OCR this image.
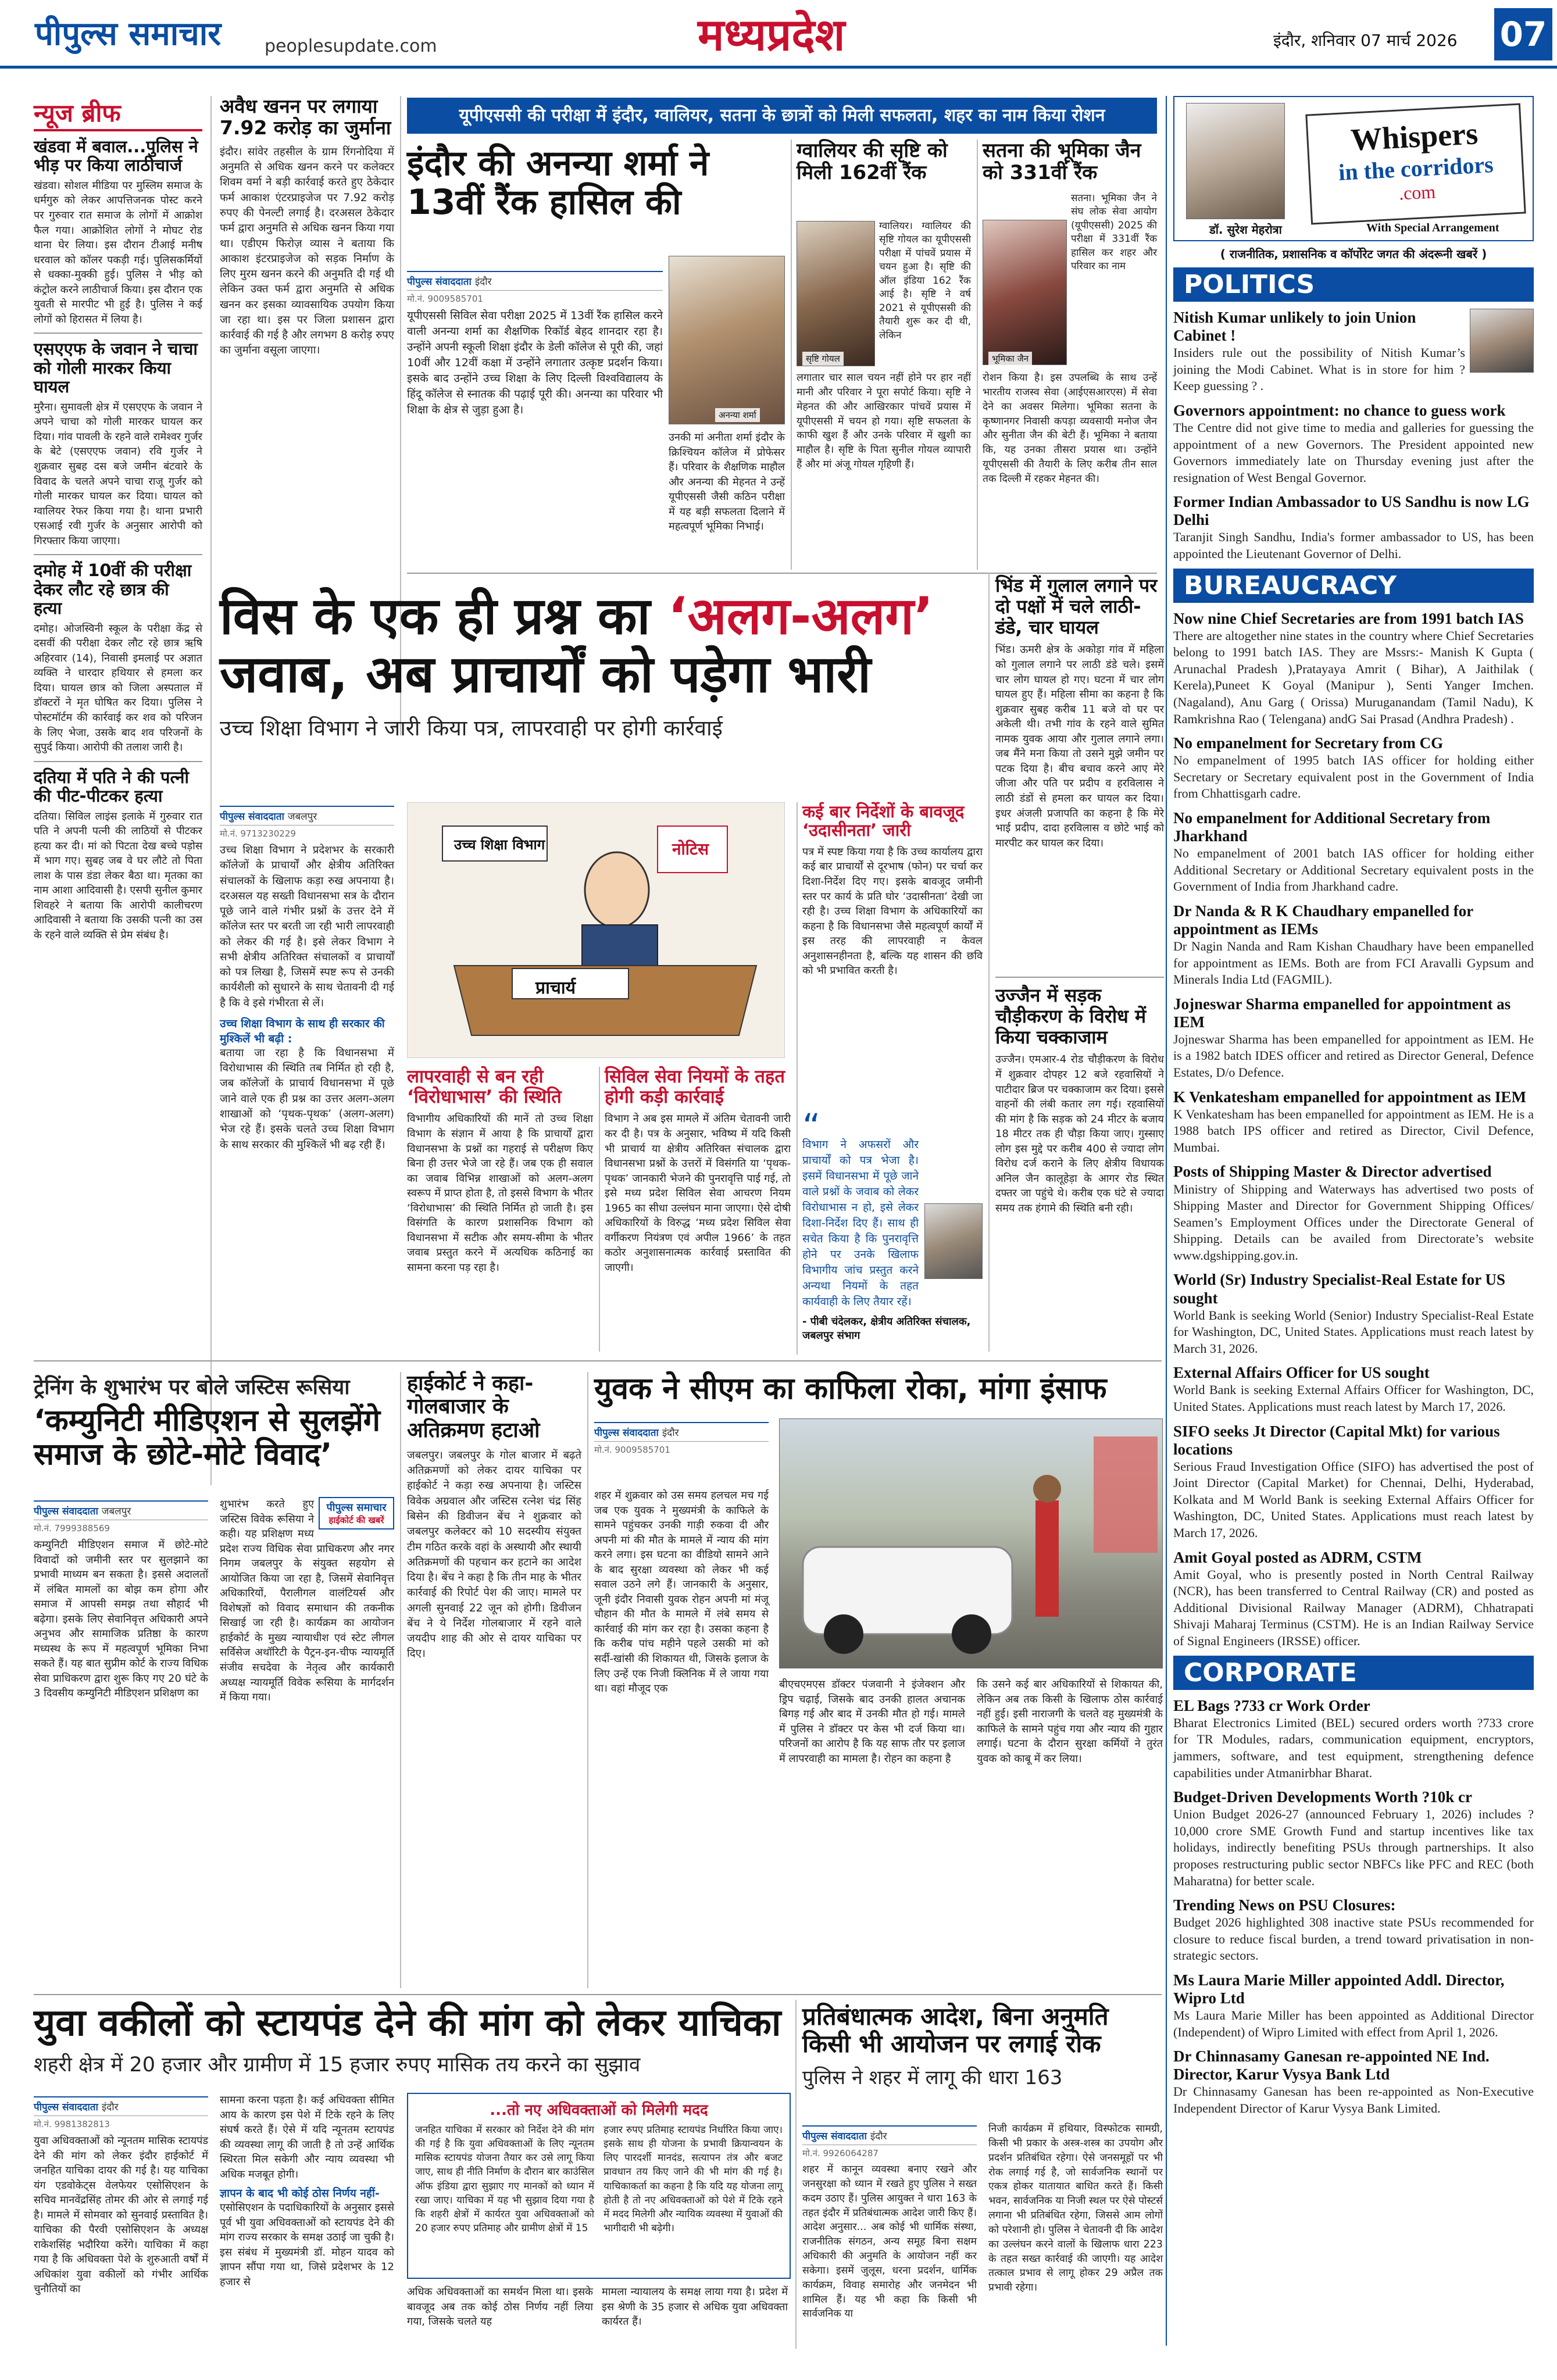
पीपुल्स समाचार peoplesupdate.com	मध्यप्रदेश	इंदौर, शनिवार 07 मार्च 2026 07
न्यूज ब्रीफ
खंडवा में बवाल...पुलिस ने भीड़ पर किया लाठीचार्ज
खंडवा। सोशल मीडिया पर मुस्लिम समाज के धर्मगुरु को लेकर आपत्तिजनक पोस्ट करने पर गुरुवार रात समाज के लोगों में आक्रोश फैल गया। आक्रोशित लोगों ने मोघट रोड थाना घेर लिया। इस दौरान टीआई मनीष धरवाल को कॉलर पकड़ी गई। पुलिसकर्मियों से धक्का-मुक्की हुई। पुलिस ने भीड़ को कंट्रोल करने लाठीचार्ज किया। इस दौरान एक युवती से मारपीट भी हुई है। पुलिस ने कई लोगों को हिरासत में लिया है।
एसएएफ के जवान ने चाचा को गोली मारकर किया घायल
मुरैना। सुमावली क्षेत्र में एसएएफ के जवान ने अपने चाचा को गोली मारकर घायल कर दिया। गांव पावली के रहने वाले रामेश्वर गुर्जर के बेटे (एसएएफ जवान) रवि गुर्जर ने शुक्रवार सुबह दस बजे जमीन बंटवारे के विवाद के चलते अपने चाचा राजू गुर्जर को गोली मारकर घायल कर दिया। घायल को ग्वालियर रेफर किया गया है। थाना प्रभारी एसआई रवी गुर्जर के अनुसार आरोपी को गिरफ्तार किया जाएगा।
दमोह में 10वीं की परीक्षा देकर लौट रहे छात्र की हत्या
दमोह। ओजस्विनी स्कूल के परीक्षा केंद्र से दसवीं की परीक्षा देकर लौट रहे छात्र ऋषि अहिरवार (14), निवासी इमलाई पर अज्ञात व्यक्ति ने धारदार हथियार से हमला कर दिया। घायल छात्र को जिला अस्पताल में डॉक्टरों ने मृत घोषित कर दिया। पुलिस ने पोस्टमॉर्टम की कार्रवाई कर शव को परिजन के लिए भेजा, उसके बाद शव परिजनों के सुपुर्द किया। आरोपी की तलाश जारी है।
दतिया में पति ने की पत्नी की पीट-पीटकर हत्या
दतिया। सिविल लाइंस इलाके में गुरुवार रात पति ने अपनी पत्नी की लाठियों से पीटकर हत्या कर दी। मां को पिटता देख बच्चे पड़ोस में भाग गए। सुबह जब वे घर लौटे तो पिता लाश के पास डंडा लेकर बैठा था। मृतका का नाम आशा आदिवासी है। एसपी सुनील कुमार शिवहरे ने बताया कि आरोपी कालीचरण आदिवासी ने बताया कि उसकी पत्नी का उस के रहने वाले व्यक्ति से प्रेम संबंध है।
अवैध खनन पर लगाया 7.92 करोड़ का जुर्माना
इंदौर। सांवेर तहसील के ग्राम रिंगनोदिया में अनुमति से अधिक खनन करने पर कलेक्टर शिवम वर्मा ने बड़ी कार्रवाई करते हुए ठेकेदार फर्म आकाश एंटरप्राइजेज पर 7.92 करोड़ रुपए की पेनल्टी लगाई है। दरअसल ठेकेदार फर्म द्वारा अनुमति से अधिक खनन किया गया था। एडीएम फिरोज़ व्यास ने बताया कि आकाश इंटरप्राइजेज को सड़क निर्माण के लिए मुरम खनन करने की अनुमति दी गई थी लेकिन उक्त फर्म द्वारा अनुमति से अधिक खनन कर इसका व्यावसायिक उपयोग किया जा रहा था। इस पर जिला प्रशासन द्वारा कार्रवाई की गई है और लगभग 8 करोड़ रुपए का जुर्माना वसूला जाएगा।
यूपीएससी की परीक्षा में इंदौर, ग्वालियर, सतना के छात्रों को मिली सफलता, शहर का नाम किया रोशन
इंदौर की अनन्या शर्मा ने 13वीं रैंक हासिल की
अनन्या शर्मा
पीपुल्स संवाददाता इंदौर
मो.नं. 9009585701
यूपीएससी सिविल सेवा परीक्षा 2025 में 13वीं रैंक हासिल करने वाली अनन्या शर्मा का शैक्षणिक रिकॉर्ड बेहद शानदार रहा है। उन्होंने अपनी स्कूली शिक्षा इंदौर के डेली कॉलेज से पूरी की, जहां 10वीं और 12वीं कक्षा में उन्होंने लगातार उत्कृष्ट प्रदर्शन किया। इसके बाद उन्होंने उच्च शिक्षा के लिए दिल्ली विश्वविद्यालय के हिंदू कॉलेज से स्नातक की पढ़ाई पूरी की। अनन्या का परिवार भी शिक्षा के क्षेत्र से जुड़ा हुआ है।
उनकी मां अनीता शर्मा इंदौर के क्रिश्चियन कॉलेज में प्रोफेसर हैं। परिवार के शैक्षणिक माहौल और अनन्या की मेहनत ने उन्हें यूपीएससी जैसी कठिन परीक्षा में यह बड़ी सफलता दिलाने में महत्वपूर्ण भूमिका निभाई।
ग्वालियर की सृष्टि को मिली 162वीं रैंक
सृष्टि गोयल
ग्वालियर। ग्वालियर की सृष्टि गोयल का यूपीएससी परीक्षा में पांचवें प्रयास में चयन हुआ है। सृष्टि की ऑल इंडिया 162 रैंक आई है। सृष्टि ने वर्ष 2021 से यूपीएससी की तैयारी शुरू कर दी थी, लेकिन
लगातार चार साल चयन नहीं होने पर हार नहीं मानी और परिवार ने पूरा सपोर्ट किया। सृष्टि ने मेहनत की और आखिरकार पांचवें प्रयास में यूपीएससी में चयन हो गया। सृष्टि सफलता के काफी खुश हैं और उनके परिवार में खुशी का माहौल है। सृष्टि के पिता सुनील गोयल व्यापारी हैं और मां अंजू गोयल गृहिणी हैं।
सतना की भूमिका जैन को 331वीं रैंक
भूमिका जैन
सतना। भूमिका जैन ने संघ लोक सेवा आयोग (यूपीएससी) 2025 की परीक्षा में 331वीं रैंक हासिल कर शहर और परिवार का नाम
रोशन किया है। इस उपलब्धि के साथ उन्हें भारतीय राजस्व सेवा (आईएसआरएस) में सेवा देने का अवसर मिलेगा। भूमिका सतना के कृष्णानगर निवासी कपड़ा व्यवसायी मनोज जैन और सुनीता जैन की बेटी हैं। भूमिका ने बताया कि, यह उनका तीसरा प्रयास था। उन्होंने यूपीएससी की तैयारी के लिए करीब तीन साल तक दिल्ली में रहकर मेहनत की।
विस के एक ही प्रश्न का ‘अलग-अलग’
जवाब, अब प्राचार्यों को पड़ेगा भारी
उच्च शिक्षा विभाग ने जारी किया पत्र, लापरवाही पर होगी कार्रवाई
पीपुल्स संवाददाता जबलपुर
मो.नं. 9713230229
उच्च शिक्षा विभाग ने प्रदेशभर के सरकारी कॉलेजों के प्राचार्यों और क्षेत्रीय अतिरिक्त संचालकों के खिलाफ कड़ा रुख अपनाया है। दरअसल यह सख्ती विधानसभा सत्र के दौरान पूछे जाने वाले गंभीर प्रश्नों के उत्तर देने में कॉलेज स्तर पर बरती जा रही भारी लापरवाही को लेकर की गई है। इसे लेकर विभाग ने सभी क्षेत्रीय अतिरिक्त संचालकों व प्राचार्यों को पत्र लिखा है, जिसमें स्पष्ट रूप से उनकी कार्यशैली को सुधारने के साथ चेतावनी दी गई है कि वे इसे गंभीरता से लें।
उच्च शिक्षा विभाग के साथ ही सरकार की मुश्किलें भी बढ़ी :
बताया जा रहा है कि विधानसभा में विरोधाभास की स्थिति तब निर्मित हो रही है, जब कॉलेजों के प्राचार्य विधानसभा में पूछे जाने वाले एक ही प्रश्न का उत्तर अलग-अलग शाखाओं को ‘पृथक-पृथक’ (अलग-अलग) भेज रहे हैं। इसके चलते उच्च शिक्षा विभाग के साथ सरकार की मुश्किलें भी बढ़ रही हैं।
उच्च शिक्षा विभाग	नोटिस
प्राचार्य
लापरवाही से बन रही ‘विरोधाभास’ की स्थिति
विभागीय अधिकारियों की मानें तो उच्च शिक्षा विभाग के संज्ञान में आया है कि प्राचार्यों द्वारा विधानसभा के प्रश्नों का गहराई से परीक्षण किए बिना ही उत्तर भेजे जा रहे हैं। जब एक ही सवाल का जवाब विभिन्न शाखाओं को अलग-अलग स्वरूप में प्राप्त होता है, तो इससे विभाग के भीतर ‘विरोधाभास’ की स्थिति निर्मित हो जाती है। इस विसंगति के कारण प्रशासनिक विभाग को विधानसभा में सटीक और समय-सीमा के भीतर जवाब प्रस्तुत करने में अत्यधिक कठिनाई का सामना करना पड़ रहा है।
सिविल सेवा नियमों के तहत होगी कड़ी कार्रवाई
विभाग ने अब इस मामले में अंतिम चेतावनी जारी कर दी है। पत्र के अनुसार, भविष्य में यदि किसी भी प्राचार्य या क्षेत्रीय अतिरिक्त संचालक द्वारा विधानसभा प्रश्नों के उत्तरों में विसंगति या ‘पृथक-पृथक’ जानकारी भेजने की पुनरावृत्ति पाई गई, तो इसे मध्य प्रदेश सिविल सेवा आचरण नियम 1965 का सीधा उल्लंघन माना जाएगा। ऐसे दोषी अधिकारियों के विरुद्ध ‘मध्य प्रदेश सिविल सेवा वर्गीकरण नियंत्रण एवं अपील 1966’ के तहत कठोर अनुशासनात्मक कार्रवाई प्रस्तावित की जाएगी।
कई बार निर्देशों के बावजूद ‘उदासीनता’ जारी
पत्र में स्पष्ट किया गया है कि उच्च कार्यालय द्वारा कई बार प्राचार्यों से दूरभाष (फोन) पर चर्चा कर दिशा-निर्देश दिए गए। इसके बावजूद जमीनी स्तर पर कार्य के प्रति घोर ‘उदासीनता’ देखी जा रही है। उच्च शिक्षा विभाग के अधिकारियों का कहना है कि विधानसभा जैसे महत्वपूर्ण कार्यों में इस तरह की लापरवाही न केवल अनुशासनहीनता है, बल्कि यह शासन की छवि को भी प्रभावित करती है।
“
विभाग ने अफसरों और प्राचार्यों को पत्र भेजा है। इसमें विधानसभा में पूछे जाने वाले प्रश्नों के जवाब को लेकर विरोधाभास न हो, इसे लेकर दिशा-निर्देश दिए हैं। साथ ही सचेत किया है कि पुनरावृत्ति होने पर उनके खिलाफ विभागीय जांच प्रस्तुत करने अन्यथा नियमों के तहत कार्यवाही के लिए तैयार रहें।
- पीबी चंदेलकर, क्षेत्रीय अतिरिक्त संचालक, जबलपुर संभाग
भिंड में गुलाल लगाने पर दो पक्षों में चले लाठी-डंडे, चार घायल
भिंड। ऊमरी क्षेत्र के अकोड़ा गांव में महिला को गुलाल लगाने पर लाठी डंडे चले। इसमें चार लोग घायल हो गए। घटना में चार लोग घायल हुए हैं। महिला सीमा का कहना है कि शुक्रवार सुबह करीब 11 बजे वो घर पर अकेली थी। तभी गांव के रहने वाले सुमित नामक युवक आया और गुलाल लगाने लगा। जब मैंने मना किया तो उसने मुझे जमीन पर पटक दिया है। बीच बचाव करने आए मेरे जीजा और पति पर प्रदीप व हरविलास ने लाठी डंडों से हमला कर घायल कर दिया। इधर अंजली प्रजापति का कहना है कि मेरे भाई प्रदीप, दादा हरविलास व छोटे भाई को मारपीट कर घायल कर दिया।
उज्जैन में सड़क चौड़ीकरण के विरोध में किया चक्काजाम
उज्जैन। एमआर-4 रोड चौड़ीकरण के विरोध में शुक्रवार दोपहर 12 बजे रहवासियों ने पाटीदार ब्रिज पर चक्काजाम कर दिया। इससे वाहनों की लंबी कतार लग गई। रहवासियों की मांग है कि सड़क को 24 मीटर के बजाय 18 मीटर तक ही चौड़ा किया जाए। गुस्साए लोग इस मुद्दे पर करीब 400 से ज्यादा लोग विरोध दर्ज कराने के लिए क्षेत्रीय विधायक अनिल जैन कालूहेड़ा के आगर रोड स्थित दफ्तर जा पहुंचे थे। करीब एक घंटे से ज्यादा समय तक हंगामे की स्थिति बनी रही।
ट्रेनिंग के शुभारंभ पर बोले जस्टिस रूसिया
‘कम्युनिटी मीडिएशन से सुलझेंगे समाज के छोटे-मोटे विवाद’
पीपुल्स संवाददाता जबलपुर
मो.नं. 7999388569
कम्युनिटी मीडिएशन समाज में छोटे-मोटे विवादों को जमीनी स्तर पर सुलझाने का प्रभावी माध्यम बन सकता है। इससे अदालतों में लंबित मामलों का बोझ कम होगा और समाज में आपसी समझ तथा सौहार्द भी बढ़ेगा। इसके लिए सेवानिवृत्त अधिकारी अपने अनुभव और सामाजिक प्रतिष्ठा के कारण मध्यस्थ के रूप में महत्वपूर्ण भूमिका निभा सकते हैं। यह बात सुप्रीम कोर्ट के राज्य विधिक सेवा प्राधिकरण द्वारा शुरू किए गए 20 घंटे के 3 दिवसीय कम्युनिटी मीडिएशन प्रशिक्षण का
पीपुल्स समाचार
हाईकोर्ट की खबरें
शुभारंभ करते हुए जस्टिस विवेक रूसिया ने कही। यह प्रशिक्षण मध्य प्रदेश राज्य विधिक सेवा प्राधिकरण और नगर निगम जबलपुर के संयुक्त सहयोग से आयोजित किया जा रहा है, जिसमें सेवानिवृत्त अधिकारियों, पैरालीगल वालंटियर्स और विशेषज्ञों को विवाद समाधान की तकनीक सिखाई जा रही है। कार्यक्रम का आयोजन हाईकोर्ट के मुख्य न्यायाधीश एवं स्टेट लीगल सर्विसेज अथॉरिटी के पैट्रन-इन-चीफ न्यायमूर्ति संजीव सचदेवा के नेतृत्व और कार्यकारी अध्यक्ष न्यायमूर्ति विवेक रूसिया के मार्गदर्शन में किया गया।
हाईकोर्ट ने कहा-गोलबाजार के अतिक्रमण हटाओ
जबलपुर। जबलपुर के गोल बाजार में बढ़ते अतिक्रमणों को लेकर दायर याचिका पर हाईकोर्ट ने कड़ा रुख अपनाया है। जस्टिस विवेक अग्रवाल और जस्टिस रत्नेश चंद्र सिंह बिसेन की डिवीजन बेंच ने शुक्रवार को जबलपुर कलेक्टर को 10 सदस्यीय संयुक्त टीम गठित करके वहां के अस्थायी और स्थायी अतिक्रमणों की पहचान कर हटाने का आदेश दिया है। बेंच ने कहा है कि तीन माह के भीतर कार्रवाई की रिपोर्ट पेश की जाए। मामले पर अगली सुनवाई 22 जून को होगी। डिवीजन बेंच ने ये निर्देश गोलबाजार में रहने वाले जयदीप शाह की ओर से दायर याचिका पर दिए।
युवक ने सीएम का काफिला रोका, मांगा इंसाफ
पीपुल्स संवाददाता इंदौर
मो.नं. 9009585701
शहर में शुक्रवार को उस समय हलचल मच गई जब एक युवक ने मुख्यमंत्री के काफिले के सामने पहुंचकर उनकी गाड़ी रुकवा दी और अपनी मां की मौत के मामले में न्याय की मांग करने लगा। इस घटना का वीडियो सामने आने के बाद सुरक्षा व्यवस्था को लेकर भी कई सवाल उठने लगे हैं। जानकारी के अनुसार, जूनी इंदौर निवासी युवक रोहन अपनी मां मंजू चौहान की मौत के मामले में लंबे समय से कार्रवाई की मांग कर रहा है। उसका कहना है कि करीब पांच महीने पहले उसकी मां को सर्दी-खांसी की शिकायत थी, जिसके इलाज के लिए उन्हें एक निजी क्लिनिक में ले जाया गया था। वहां मौजूद एक	बीएचएमएस डॉक्टर पंजवानी ने इंजेक्शन और ड्रिप चढ़ाई, जिसके बाद उनकी हालत अचानक बिगड़ गई और बाद में उनकी मौत हो गई। मामले में पुलिस ने डॉक्टर पर केस भी दर्ज किया था। परिजनों का आरोप है कि यह साफ तौर पर इलाज में लापरवाही का मामला है। रोहन का कहना है
कि उसने कई बार अधिकारियों से शिकायत की, लेकिन अब तक किसी के खिलाफ ठोस कार्रवाई नहीं हुई। इसी नाराजगी के चलते वह मुख्यमंत्री के काफिले के सामने पहुंच गया और न्याय की गुहार लगाई। घटना के दौरान सुरक्षा कर्मियों ने तुरंत युवक को काबू में कर लिया।
युवा वकीलों को स्टायपंड देने की मांग को लेकर याचिका
शहरी क्षेत्र में 20 हजार और ग्रामीण में 15 हजार रुपए मासिक तय करने का सुझाव
पीपुल्स संवाददाता इंदौर
मो.नं. 9981382813
युवा अधिवक्ताओं को न्यूनतम मासिक स्टायपंड देने की मांग को लेकर इंदौर हाईकोर्ट में जनहित याचिका दायर की गई है। यह याचिका यंग एडवोकेट्स वेलफेयर एसोसिएशन के सचिव मानवेंद्रसिंह तोमर की ओर से लगाई गई है। मामले में सोमवार को सुनवाई प्रस्तावित है। याचिका की पैरवी एसोसिएशन के अध्यक्ष राकेशसिंह भदौरिया करेंगे। याचिका में कहा गया है कि अधिवक्ता पेशे के शुरुआती वर्षों में अधिकांश युवा वकीलों को गंभीर आर्थिक चुनौतियों का
सामना करना पड़ता है। कई अधिवक्ता सीमित आय के कारण इस पेशे में टिके रहने के लिए संघर्ष करते हैं। ऐसे में यदि न्यूनतम स्टायपंड की व्यवस्था लागू की जाती है तो उन्हें आर्थिक स्थिरता मिल सकेगी और न्याय व्यवस्था भी अधिक मजबूत होगी।
ज्ञापन के बाद भी कोई ठोस निर्णय नहीं-
एसोसिएशन के पदाधिकारियों के अनुसार इससे पूर्व भी युवा अधिवक्ताओं को स्टायपंड देने की मांग राज्य सरकार के समक्ष उठाई जा चुकी है। इस संबंध में मुख्यमंत्री डॉ. मोहन यादव को ज्ञापन सौंपा गया था, जिसे प्रदेशभर के 12 हजार से
...तो नए अधिवक्ताओं को मिलेगी मदद
जनहित याचिका में सरकार को निर्देश देने की मांग की गई है कि युवा अधिवक्ताओं के लिए न्यूनतम मासिक स्टायपंड योजना तैयार कर उसे लागू किया जाए, साथ ही नीति निर्माण के दौरान बार काउंसिल ऑफ इंडिया द्वारा सुझाए गए मानकों को ध्यान में रखा जाए। याचिका में यह भी सुझाव दिया गया है कि शहरी क्षेत्रों में कार्यरत युवा अधिवक्ताओं को 20 हजार रुपए प्रतिमाह और ग्रामीण क्षेत्रों में 15
हजार रुपए प्रतिमाह स्टायपंड निर्धारित किया जाए। इसके साथ ही योजना के प्रभावी क्रियान्वयन के लिए पारदर्शी मानदंड, सत्यापन तंत्र और बजट प्रावधान तय किए जाने की भी मांग की गई है। याचिकाकर्ता का कहना है कि यदि यह योजना लागू होती है तो नए अधिवक्ताओं को पेशे में टिके रहने में मदद मिलेगी और न्यायिक व्यवस्था में युवाओं की भागीदारी भी बढ़ेगी।
अधिक अधिवक्ताओं का समर्थन मिला था। इसके बावजूद अब तक कोई ठोस निर्णय नहीं लिया गया, जिसके चलते यह
मामला न्यायालय के समक्ष लाया गया है। प्रदेश में इस श्रेणी के 35 हजार से अधिक युवा अधिवक्ता कार्यरत हैं।
प्रतिबंधात्मक आदेश, बिना अनुमति किसी भी आयोजन पर लगाई रोक
पुलिस ने शहर में लागू की धारा 163
पीपुल्स संवाददाता इंदौर
मो.नं. 9926064287
शहर में कानून व्यवस्था बनाए रखने और जनसुरक्षा को ध्यान में रखते हुए पुलिस ने सख्त कदम उठाए हैं। पुलिस आयुक्त ने धारा 163 के तहत इंदौर में प्रतिबंधात्मक आदेश जारी किए हैं। आदेश अनुसार... अब कोई भी धार्मिक संस्था, राजनीतिक संगठन, अन्य समूह बिना सक्षम अधिकारी की अनुमति के आयोजन नहीं कर सकेगा। इसमें जुलूस, धरना प्रदर्शन, धार्मिक कार्यक्रम, विवाह समारोह और जनमेदन भी शामिल हैं। यह भी कहा कि किसी भी सार्वजनिक या
निजी कार्यक्रम में हथियार, विस्फोटक सामग्री, किसी भी प्रकार के अस्त्र-शस्त्र का उपयोग और प्रदर्शन प्रतिबंधित रहेगा। ऐसे जनसमूहों पर भी रोक लगाई गई है, जो सार्वजनिक स्थानों पर एकत्र होकर यातायात बाधित करते हैं। किसी भवन, सार्वजनिक या निजी स्थल पर ऐसे पोस्टर्स लगाना भी प्रतिबंधित रहेगा, जिससे आम लोगों को परेशानी हो। पुलिस ने चेतावनी दी कि आदेश का उल्लंघन करने वालों के खिलाफ धारा 223 के तहत सख्त कार्रवाई की जाएगी। यह आदेश तत्काल प्रभाव से लागू होकर 29 अप्रैल तक प्रभावी रहेगा।
Whispers
in the corridors
.com
डॉ. सुरेश मेहरोत्रा	With Special Arrangement
( राजनीतिक, प्रशासनिक व कॉर्पोरेट जगत की अंदरूनी खबरें )
POLITICS
Nitish Kumar unlikely to join Union Cabinet !
Insiders rule out the possibility of Nitish Kumar’s joining the Modi Cabinet. What is in store for him ? Keep guessing ? .
Governors appointment: no chance to guess work
The Centre did not give time to media and galleries for guessing the appointment of a new Governors. The President appointed new Governors immediately late on Thursday evening just after the resignation of West Bengal Governor.
Former Indian Ambassador to US Sandhu is now LG Delhi
Taranjit Singh Sandhu, India's former ambassador to US, has been appointed the Lieutenant Governor of Delhi.
BUREAUCRACY
Now nine Chief Secretaries are from 1991 batch IAS
There are altogether nine states in the country where Chief Secretaries belong to 1991 batch IAS. They are Mssrs:- Manish K Gupta ( Arunachal Pradesh ),Pratayaya Amrit ( Bihar), A Jaithilak ( Kerela),Puneet K Goyal (Manipur ), Senti Yanger Imchen. (Nagaland), Anu Garg ( Orissa) Muruganandam (Tamil Nadu), K Ramkrishna Rao ( Telengana) andG Sai Prasad (Andhra Pradesh) .
No empanelment for Secretary from CG
No empanelment of 1995 batch IAS officer for holding either Secretary or Secretary equivalent post in the Government of India from Chhattisgarh cadre.
No empanelment for Additional Secretary from Jharkhand
No empanelment of 2001 batch IAS officer for holding either Additional Secretary or Additional Secretary equivalent posts in the Government of India from Jharkhand cadre.
Dr Nanda & R K Chaudhary empanelled for appointment as IEMs
Dr Nagin Nanda and Ram Kishan Chaudhary have been empanelled for appointment as IEMs. Both are from FCI Aravalli Gypsum and Minerals India Ltd (FAGMIL).
Jojneswar Sharma empanelled for appointment as IEM
Jojneswar Sharma has been empanelled for appointment as IEM. He is a 1982 batch IDES officer and retired as Director General, Defence Estates, D/o Defence.
K Venkatesham empanelled for appointment as IEM
K Venkatesham has been empanelled for appointment as IEM. He is a 1988 batch IPS officer and retired as Director, Civil Defence, Mumbai.
Posts of Shipping Master & Director advertised
Ministry of Shipping and Waterways has advertised two posts of Shipping Master and Director for Government Shipping Offices/ Seamen’s Employment Offices under the Directorate General of Shipping. Details can be availed from Directorate’s website www.dgshipping.gov.in.
World (Sr) Industry Specialist-Real Estate for US sought
World Bank is seeking World (Senior) Industry Specialist-Real Estate for Washington, DC, United States. Applications must reach latest by March 31, 2026.
External Affairs Officer for US sought
World Bank is seeking External Affairs Officer for Washington, DC, United States. Applications must reach latest by March 17, 2026.
SIFO seeks Jt Director (Capital Mkt) for various locations
Serious Fraud Investigation Office (SIFO) has advertised the post of Joint Director (Capital Market) for Chennai, Delhi, Hyderabad, Kolkata and M World Bank is seeking External Affairs Officer for Washington, DC, United States. Applications must reach latest by March 17, 2026.
Amit Goyal posted as ADRM, CSTM
Amit Goyal, who is presently posted in North Central Railway (NCR), has been transferred to Central Railway (CR) and posted as Additional Divisional Railway Manager (ADRM), Chhatrapati Shivaji Maharaj Terminus (CSTM). He is an Indian Railway Service of Signal Engineers (IRSSE) officer.
CORPORATE
EL Bags ?733 cr Work Order
Bharat Electronics Limited (BEL) secured orders worth ?733 crore for TR Modules, radars, communication equipment, encryptors, jammers, software, and test equipment, strengthening defence capabilities under Atmanirbhar Bharat.
Budget-Driven Developments Worth ?10k cr
Union Budget 2026-27 (announced February 1, 2026) includes ?10,000 crore SME Growth Fund and startup incentives like tax holidays, indirectly benefiting PSUs through partnerships. It also proposes restructuring public sector NBFCs like PFC and REC (both Maharatna) for better scale.
Trending News on PSU Closures:
Budget 2026 highlighted 308 inactive state PSUs recommended for closure to reduce fiscal burden, a trend toward privatisation in non-strategic sectors.
Ms Laura Marie Miller appointed Addl. Director, Wipro Ltd
Ms Laura Marie Miller has been appointed as Additional Director (Independent) of Wipro Limited with effect from April 1, 2026.
Dr Chinnasamy Ganesan re-appointed NE Ind. Director, Karur Vysya Bank Ltd
Dr Chinnasamy Ganesan has been re-appointed as Non-Executive Independent Director of Karur Vysya Bank Limited.
